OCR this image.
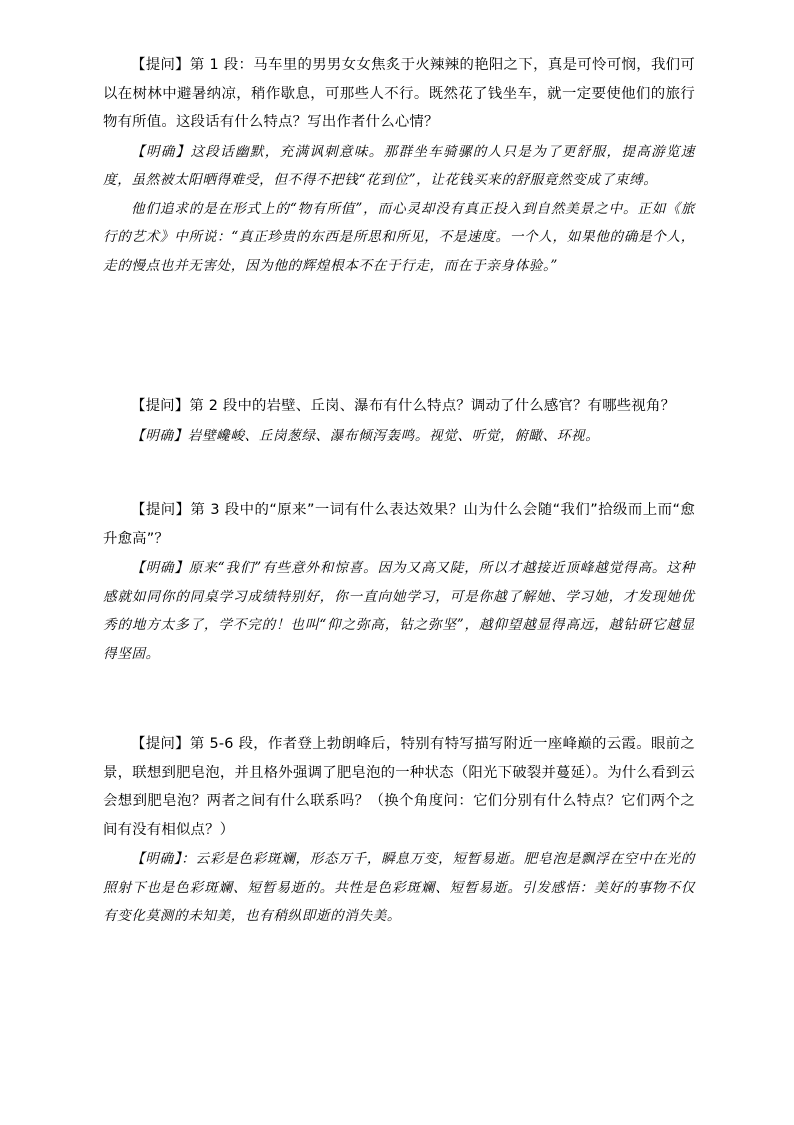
【提问】第 1 段：马车里的男男女女焦炙于火辣辣的艳阳之下，真是可怜可悯，我们可以在树林中避暑纳凉，稍作歇息，可那些人不行。既然花了钱坐车，就一定要使他们的旅行物有所值。这段话有什么特点？写出作者什么心情？

【明确】这段话幽默，充满讽刺意味。那群坐车骑骡的人只是为了更舒服，提高游览速度，虽然被太阳晒得难受，但不得不把钱“花到位”，让花钱买来的舒服竟然变成了束缚。

他们追求的是在形式上的“物有所值”，而心灵却没有真正投入到自然美景之中。正如《旅行的艺术》中所说：“真正珍贵的东西是所思和所见，不是速度。一个人，如果他的确是个人，走的慢点也并无害处，因为他的辉煌根本不在于行走，而在于亲身体验。”

【提问】第 2 段中的岩壁、丘岗、瀑布有什么特点？调动了什么感官？有哪些视角？

【明确】岩壁巉峻、丘岗葱绿、瀑布倾泻轰鸣。视觉、听觉，俯瞰、环视。

【提问】第 3 段中的“原来”一词有什么表达效果？山为什么会随“我们”拾级而上而“愈升愈高”？

【明确】原来“我们”有些意外和惊喜。因为又高又陡，所以才越接近顶峰越觉得高。这种感就如同你的同桌学习成绩特别好，你一直向她学习，可是你越了解她、学习她，才发现她优秀的地方太多了，学不完的！也叫“仰之弥高，钻之弥坚”，越仰望越显得高远，越钻研它越显得坚固。

【提问】第 5-6 段，作者登上勃朗峰后，特别有特写描写附近一座峰巅的云霞。眼前之景，联想到肥皂泡，并且格外强调了肥皂泡的一种状态（阳光下破裂并蔓延）。为什么看到云会想到肥皂泡？两者之间有什么联系吗？（换个角度问：它们分别有什么特点？它们两个之间有没有相似点？）

【明确】：云彩是色彩斑斓，形态万千，瞬息万变，短暂易逝。肥皂泡是飘浮在空中在光的照射下也是色彩斑斓、短暂易逝的。共性是色彩斑斓、短暂易逝。引发感悟：美好的事物不仅有变化莫测的未知美，也有稍纵即逝的消失美。
